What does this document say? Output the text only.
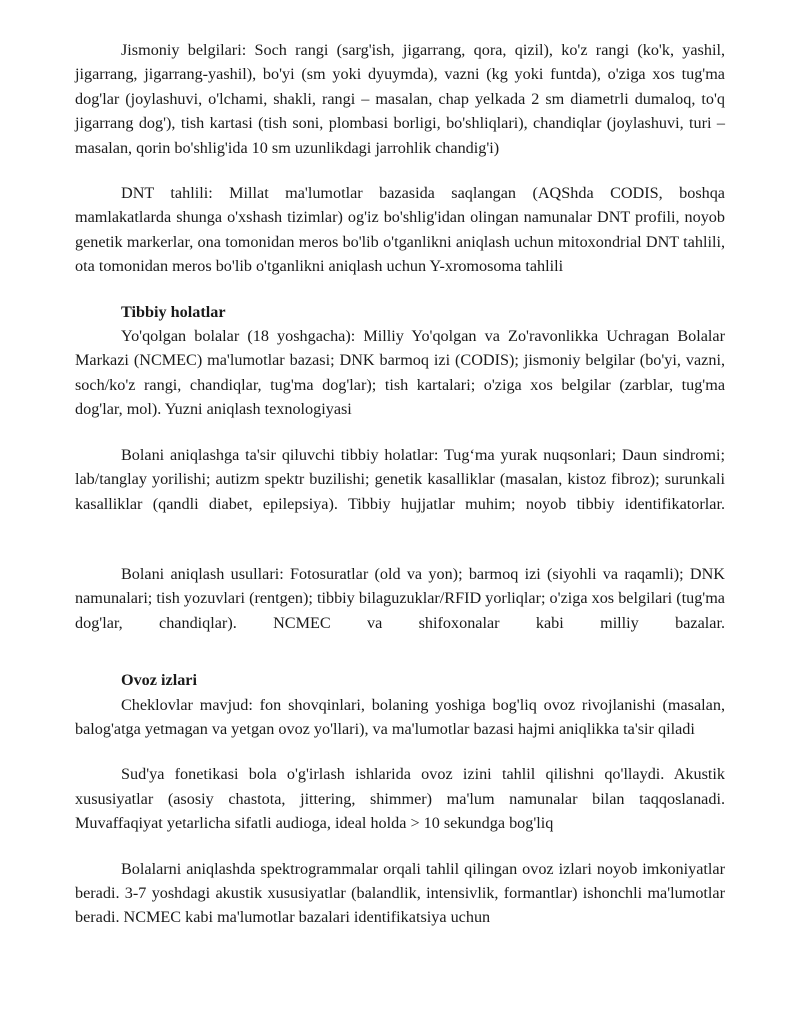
Jismoniy belgilari: Soch rangi (sarg'ish, jigarrang, qora, qizil), ko'z rangi (ko'k, yashil, jigarrang, jigarrang-yashil), bo'yi (sm yoki dyuymda), vazni (kg yoki funtda), o'ziga xos tug'ma dog'lar (joylashuvi, o'lchami, shakli, rangi – masalan, chap yelkada 2 sm diametrli dumaloq, to'q jigarrang dog'), tish kartasi (tish soni, plombasi borligi, bo'shliqlari), chandiqlar (joylashuvi, turi – masalan, qorin bo'shlig'ida 10 sm uzunlikdagi jarrohlik chandig'i)

DNT tahlili: Millat ma'lumotlar bazasida saqlangan (AQShda CODIS, boshqa mamlakatlarda shunga o'xshash tizimlar) og'iz bo'shlig'idan olingan namunalar DNT profili, noyob genetik markerlar, ona tomonidan meros bo'lib o'tganlikni aniqlash uchun mitoxondrial DNT tahlili, ota tomonidan meros bo'lib o'tganlikni aniqlash uchun Y-xromosoma tahlili

Tibbiy holatlar

Yo'qolgan bolalar (18 yoshgacha): Milliy Yo'qolgan va Zo'ravonlikka Uchragan Bolalar Markazi (NCMEC) ma'lumotlar bazasi; DNK barmoq izi (CODIS); jismoniy belgilar (bo'yi, vazni, soch/ko'z rangi, chandiqlar, tug'ma dog'lar); tish kartalari; o'ziga xos belgilar (zarblar, tug'ma dog'lar, mol). Yuzni aniqlash texnologiyasi

Bolani aniqlashga ta'sir qiluvchi tibbiy holatlar: Tug‘ma yurak nuqsonlari; Daun sindromi; lab/tanglay yorilishi; autizm spektr buzilishi; genetik kasalliklar (masalan, kistoz fibroz); surunkali kasalliklar (qandli diabet, epilepsiya). Tibbiy hujjatlar muhim; noyob tibbiy identifikatorlar.

Bolani aniqlash usullari: Fotosuratlar (old va yon); barmoq izi (siyohli va raqamli); DNK namunalari; tish yozuvlari (rentgen); tibbiy bilaguzuklar/RFID yorliqlar; o'ziga xos belgilari (tug'ma dog'lar, chandiqlar). NCMEC va shifoxonalar kabi milliy bazalar.

Ovoz izlari

Cheklovlar mavjud: fon shovqinlari, bolaning yoshiga bog'liq ovoz rivojlanishi (masalan, balog'atga yetmagan va yetgan ovoz yo'llari), va ma'lumotlar bazasi hajmi aniqlikka ta'sir qiladi

Sud'ya fonetikasi bola o'g'irlash ishlarida ovoz izini tahlil qilishni qo'llaydi. Akustik xususiyatlar (asosiy chastota, jittering, shimmer) ma'lum namunalar bilan taqqoslanadi. Muvaffaqiyat yetarlicha sifatli audioga, ideal holda > 10 sekundga bog'liq

Bolalarni aniqlashda spektrogrammalar orqali tahlil qilingan ovoz izlari noyob imkoniyatlar beradi. 3-7 yoshdagi akustik xususiyatlar (balandlik, intensivlik, formantlar) ishonchli ma'lumotlar beradi. NCMEC kabi ma'lumotlar bazalari identifikatsiya uchun
